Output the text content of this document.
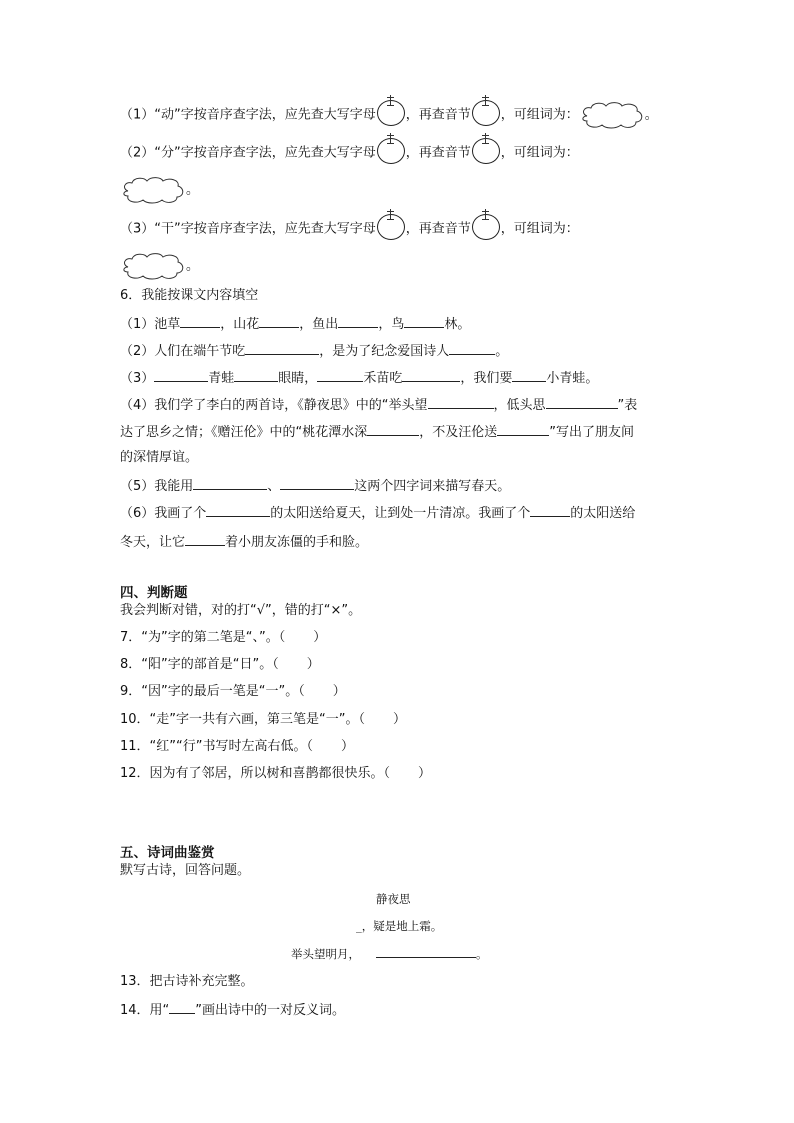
（1）“动”字按音序查字法，应先查大写字母 ，再查音节 ，可组词为：	。
（2）“分”字按音序查字法，应先查大写字母 ，再查音节 ，可组词为：
。
（3）“干”字按音序查字法，应先查大写字母 ，再查音节 ，可组词为：
。
6．我能按课文内容填空
（1）池草	，山花	，鱼出	，鸟	林。
（2）人们在端午节吃	，是为了纪念爱国诗人	。
（3）	青蛙	眼睛，	禾苗吃	，我们要	小青蛙。
（4）我们学了李白的两首诗，《静夜思》中的“举头望	，低头思	”表
达了思乡之情；《赠汪伦》中的“桃花潭水深	，不及汪伦送	”写出了朋友间
的深情厚谊。
（5）我能用	、	这两个四字词来描写春天。
（6）我画了个	的太阳送给夏天，让到处一片清凉。我画了个	的太阳送给
冬天，让它	着小朋友冻僵的手和脸。
四、判断题
我会判断对错，对的打“√”，错的打“×”。
7．“为”字的第二笔是“、”。（ ）
8．“阳”字的部首是“日”。（ ）
9．“因”字的最后一笔是“一”。（ ）
10．“走”字一共有六画，第三笔是“一”。（ ）
11．“红”“行”书写时左高右低。（ ）
12．因为有了邻居，所以树和喜鹊都很快乐。（ ）
五、诗词曲鉴赏
默写古诗，回答问题。
静夜思
_，疑是地上霜。
举头望明月，	。
13．把古诗补充完整。
14．用“ ”画出诗中的一对反义词。
